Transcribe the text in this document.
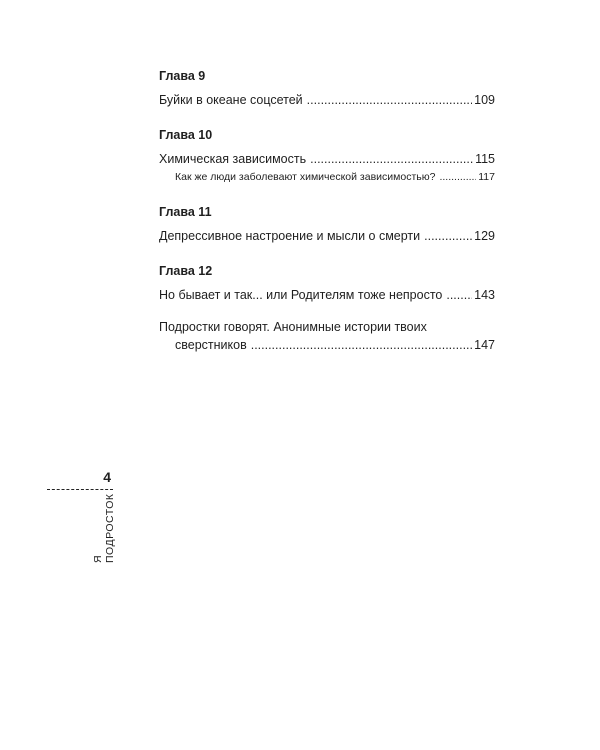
Глава 9
Буйки в океане соцсетей .....	109
Глава 10
Химическая зависимость .....	115
Как же люди заболевают химической зависимостью? .....	117
Глава 11
Депрессивное настроение и мысли о смерти .....	129
Глава 12
Но бывает и так... или Родителям тоже непросто .....	143
Подростки говорят. Анонимные истории твоих
сверстников .....	147
4
Я ПОДРОСТОК
